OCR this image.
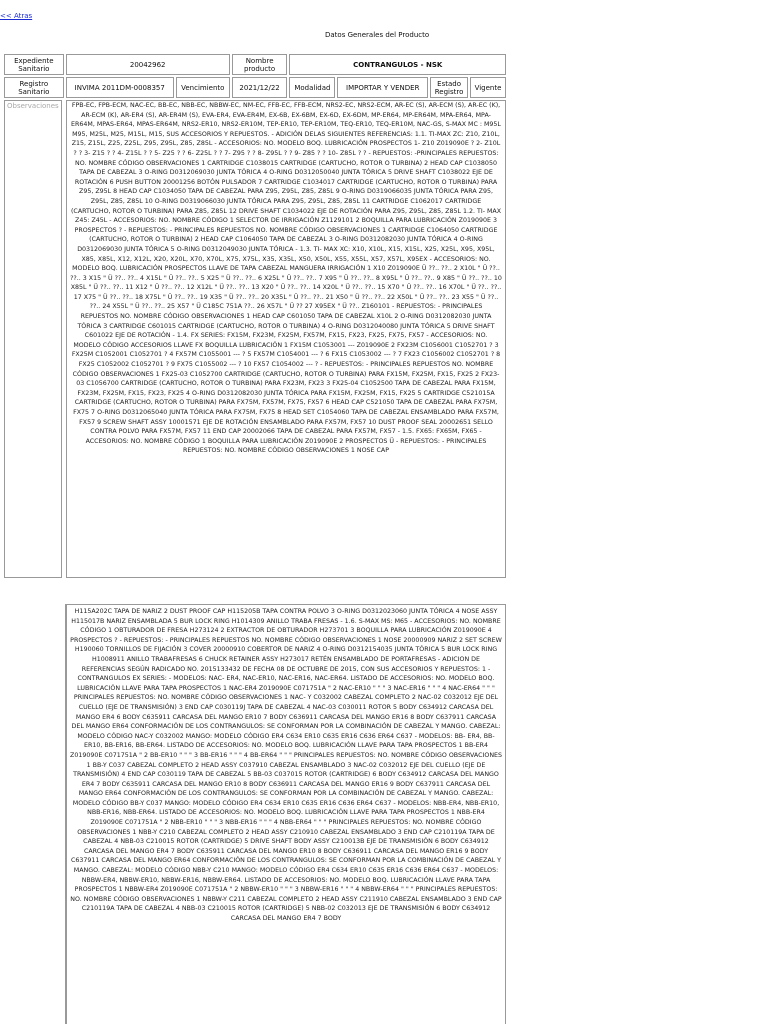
<< Atras
Datos Generales del Producto
Expediente Sanitario	20042962		Nombre producto	CONTRANGULOS - NSK			
Registro Sanitario	INVIMA 2011DM-0008357	Vencimiento	2021/12/22	Modalidad	IMPORTAR Y VENDER	Estado Registro	Vigente
Observaciones	FPB-EC, FPB-ECM, NAC-EC, BB-EC, NBB-EC, NBBW-EC, NM-EC, FFB-EC, FFB-ECM, NRS2-EC, NRS2-ECM, AR-EC (S), AR-ECM (S), AR-EC (K), AR-ECM (K), AR-ER4 (S), AR-ER4M (S), EVA-ER4, EVA-ER4M, EX-6B, EX-6BM, EX-6D, EX-6DM, MP-ER64, MP-ER64M, MPA-ER64, MPA-ER64M, MPAS-ER64, MPAS-ER64M, NRS2-ER10, NRS2-ER10M, TEP-ER10, TEP-ER10M, TEQ-ER10, TEQ-ER10M, NAC-GS, S-MAX MC : M95L M95, M25L, M25, M15L, M15, SUS ACCESORIOS Y REPUESTOS. - ADICIÓN DELAS SIGUIENTES REFERENCIAS: 1.1. TI-MAX ZC: Z10, Z10L, Z15, Z15L, Z25, Z25L, Z95, Z95L, Z85, Z85L - ACCESORIOS: NO. MODELO BOQ. LUBRICACIÓN PROSPECTOS 1- Z10 Z019090E ? 2- Z10L ? ? 3- Z15 ? ? 4- Z15L ? ? 5- Z25 ? ? 6- Z25L ? ? 7- Z95 ? ? 8- Z95L ? ? 9- Z85 ? ? 10- Z85L ? ? - REPUESTOS: -PRINCIPALES REPUESTOS: NO. NOMBRE CÓDIGO OBSERVACIONES 1 CARTRIDGE C1038015 CARTRIDGE (CARTUCHO, ROTOR O TURBINA) 2 HEAD CAP C1038050 TAPA DE CABEZAL 3 O-RING D0312069030 JUNTA TÓRICA 4 O-RING D0312050040 JUNTA TÓRICA 5 DRIVE SHAFT C1038022 EJE DE ROTACIÓN 6 PUSH BUTTON 20001256 BOTÓN PULSADOR 7 CARTRIDGE C1034017 CARTRIDGE (CARTUCHO, ROTOR O TURBINA) PARA Z95, Z95L 8 HEAD CAP C1034050 TAPA DE CABEZAL PARA Z95, Z95L, Z85, Z85L 9 O-RING D0319066035 JUNTA TÓRICA PARA Z95, Z95L, Z85, Z85L 10 O-RING D0319066030 JUNTA TÓRICA PARA Z95, Z95L, Z85, Z85L 11 CARTRIDGE C1062017 CARTRIDGE (CARTUCHO, ROTOR O TURBINA) PARA Z85, Z85L 12 DRIVE SHAFT C1034022 EJE DE ROTACIÓN PARA Z95, Z95L, Z85, Z85L 1.2. TI- MAX Z45: Z45L - ACCESORIOS: NO. NOMBRE CÓDIGO 1 SELECTOR DE IRRIGACIÓN Z1129101 2 BOQUILLA PARA LUBRICACIÓN Z019090E 3 PROSPECTOS ? - REPUESTOS: - PRINCIPALES REPUESTOS NO. NOMBRE CÓDIGO OBSERVACIONES 1 CARTRIDGE C1064050 CARTRIDGE (CARTUCHO, ROTOR O TURBINA) 2 HEAD CAP C1064050 TAPA DE CABEZAL 3 O-RING D0312082030 JUNTA TÓRICA 4 O-RING D0312069030 JUNTA TÓRICA 5 O-RING D0312049030 JUNTA TÓRICA - 1.3. TI- MAX XC: X10, X10L, X15, X15L, X25, X25L, X95, X95L, X85, X85L, X12, X12L, X20, X20L, X70, X70L, X75, X75L, X35, X35L, X50, X50L, X55, X55L, X57, X57L, X95EX - ACCESORIOS: NO. MODELO BOQ. LUBRICACIÓN PROSPECTOS LLAVE DE TAPA CABEZAL MANGUERA IRRIGACIÓN 1 X10 Z019090E Ü ??.. ??.. 2 X10L " Ü ??.. ??.. 3 X15 " Ü ??.. ??.. 4 X15L " Ü ??.. ??.. 5 X25 " Ü ??.. ??.. 6 X25L " Ü ??.. ??.. 7 X95 " Ü ??.. ??.. 8 X95L " Ü ??.. ??.. 9 X85 " Ü ??.. ??.. 10 X85L " Ü ??.. ??.. 11 X12 " Ü ??.. ??.. 12 X12L " Ü ??.. ??.. 13 X20 " Ü ??.. ??.. 14 X20L " Ü ??.. ??.. 15 X70 " Ü ??.. ??.. 16 X70L " Ü ??.. ??.. 17 X75 " Ü ??.. ??.. 18 X75L " Ü ??.. ??.. 19 X35 " Ü ??.. ??.. 20 X35L " Ü ??.. ??.. 21 X50 " Ü ??.. ??.. 22 X50L " Ü ??.. ??.. 23 X55 " Ü ??.. ??.. 24 X55L " Ü ??.. ??.. 25 X57 " Ü C185C 751A ??.. 26 X57L " Ü ?? 27 X95EX " Ü ??.. Z160101 - REPUESTOS: - PRINCIPALES REPUESTOS NO. NOMBRE CÓDIGO OBSERVACIONES 1 HEAD CAP C601050 TAPA DE CABEZAL X10L 2 O-RING D0312082030 JUNTA TÓRICA 3 CARTRIDGE C601015 CARTRIDGE (CARTUCHO, ROTOR O TURBINA) 4 O-RING D0312040080 JUNTA TÓRICA 5 DRIVE SHAFT C601022 EJE DE ROTACIÓN - 1.4. FX SERIES: FX15M, FX23M, FX25M, FX57M, FX15, FX23, FX25, FX75, FX57 - ACCESORIOS: NO. MODELO CÓDIGO ACCESORIOS LLAVE FX BOQUILLA LUBRICACIÓN 1 FX15M C1053001 --- Z019090E 2 FX23M C1056001 C1052701 ? 3 FX25M C1052001 C1052701 ? 4 FX57M C1055001 --- ? 5 FX57M C1054001 --- ? 6 FX15 C1053002 --- ? 7 FX23 C1056002 C1052701 ? 8 FX25 C1052002 C1052701 ? 9 FX75 C1055002 --- ? 10 FX57 C1054002 --- ? - REPUESTOS: - PRINCIPALES REPUESTOS NO. NOMBRE CÓDIGO OBSERVACIONES 1 FX25-03 C1052700 CARTRIDGE (CARTUCHO, ROTOR O TURBINA) PARA FX15M, FX25M, FX15, FX25 2 FX23-03 C1056700 CARTRIDGE (CARTUCHO, ROTOR O TURBINA) PARA FX23M, FX23 3 FX25-04 C1052500 TAPA DE CABEZAL PARA FX15M, FX23M, FX25M, FX15, FX23, FX25 4 O-RING D0312082030 JUNTA TÓRICA PARA FX15M, FX25M, FX15, FX25 5 CARTRIDGE C521015A CARTRIDGE (CARTUCHO, ROTOR O TURBINA) PARA FX75M, FX57M, FX75, FX57 6 HEAD CAP C521050 TAPA DE CABEZAL PARA FX75M, FX75 7 O-RING D0312065040 JUNTA TÓRICA PARA FX75M, FX75 8 HEAD SET C1054060 TAPA DE CABEZAL ENSAMBLADO PARA FX57M, FX57 9 SCREW SHAFT ASSY 10001571 EJE DE ROTACIÓN ENSAMBLADO PARA FX57M, FX57 10 DUST PROOF SEAL 20002651 SELLO CONTRA POLVO PARA FX57M, FX57 11 END CAP 20002066 TAPA DE CABEZAL PARA FX57M, FX57 - 1.5. FX65: FX65M, FX65 - ACCESORIOS: NO. NOMBRE CÓDIGO 1 BOQUILLA PARA LUBRICACIÓN Z019090E 2 PROSPECTOS Ü - REPUESTOS: - PRINCIPALES REPUESTOS: NO. NOMBRE CÓDIGO OBSERVACIONES 1 NOSE CAP
H115A202C TAPA DE NARIZ 2 DUST PROOF CAP H115205B TAPA CONTRA POLVO 3 O-RING D0312023060 JUNTA TÓRICA 4 NOSE ASSY H115017B NARIZ ENSAMBLADA 5 BUR LOCK RING H1014309 ANILLO TRABA FRESAS - 1.6. S-MAX MS: M65 - ACCESORIOS: NO. NOMBRE CÓDIGO 1 OBTURADOR DE FRESA H273124 2 EXTRACTOR DE OBTURADOR H273701 3 BOQUILLA PARA LUBRICACIÓN Z019090E 4 PROSPECTOS ? - REPUESTOS: - PRINCIPALES REPUESTOS NO. NOMBRE CÓDIGO OBSERVACIONES 1 NOSE 20000909 NARIZ 2 SET SCREW H190060 TORNILLOS DE FIJACIÓN 3 COVER 20000910 COBERTOR DE NARIZ 4 O-RING D0312154035 JUNTA TÓRICA 5 BUR LOCK RING H1008911 ANILLO TRABAFRESAS 6 CHUCK RETAINER ASSY H273017 RETÉN ENSAMBLADO DE PORTAFRESAS - ADICION DE REFERENCIAS SEGÚN RADICADO NO. 2015133432 DE FECHA 08 DE OCTUBRE DE 2015, CON SUS ACCESORIOS Y REPUESTOS: 1 - CONTRANGULOS EX SERIES: - MODELOS: NAC- ER4, NAC-ER10, NAC-ER16, NAC-ER64. LISTADO DE ACCESORIOS: NO. MODELO BOQ. LUBRICACIÓN LLAVE PARA TAPA PROSPECTOS 1 NAC-ER4 Z019090E C071751A " 2 NAC-ER10 " " " 3 NAC-ER16 " " " 4 NAC-ER64 " " " PRINCIPALES REPUESTOS: NO. NOMBRE CÓDIGO OBSERVACIONES 1 NAC- Y C032002 CABEZAL COMPLETO 2 NAC-02 C032012 EJE DEL CUELLO (EJE DE TRANSMISIÓN) 3 END CAP C030119J TAPA DE CABEZAL 4 NAC-03 C030011 ROTOR 5 BODY C634912 CARCASA DEL MANGO ER4 6 BODY C635911 CARCASA DEL MANGO ER10 7 BODY C636911 CARCASA DEL MANGO ER16 8 BODY C637911 CARCASA DEL MANGO ER64 CONFORMACIÓN DE LOS CONTRANGULOS: SE CONFORMAN POR LA COMBINACIÓN DE CABEZAL Y MANGO. CABEZAL: MODELO CÓDIGO NAC-Y C032002 MANGO: MODELO CÓDIGO ER4 C634 ER10 C635 ER16 C636 ER64 C637 - MODELOS: BB- ER4, BB-ER10, BB-ER16, BB-ER64. LISTADO DE ACCESORIOS: NO. MODELO BOQ. LUBRICACIÓN LLAVE PARA TAPA PROSPECTOS 1 BB-ER4 Z019090E C071751A " 2 BB-ER10 " " " 3 BB-ER16 " " " 4 BB-ER64 " " " PRINCIPALES REPUESTOS: NO. NOMBRE CÓDIGO OBSERVACIONES 1 BB-Y C037 CABEZAL COMPLETO 2 HEAD ASSY C037910 CABEZAL ENSAMBLADO 3 NAC-02 C032012 EJE DEL CUELLO (EJE DE TRANSMISIÓN) 4 END CAP C030119 TAPA DE CABEZAL 5 BB-03 C037015 ROTOR (CARTRIDGE) 6 BODY C634912 CARCASA DEL MANGO ER4 7 BODY C635911 CARCASA DEL MANGO ER10 8 BODY C636911 CARCASA DEL MANGO ER16 9 BODY C637911 CARCASA DEL MANGO ER64 CONFORMACIÓN DE LOS CONTRANGULOS: SE CONFORMAN POR LA COMBINACIÓN DE CABEZAL Y MANGO. CABEZAL: MODELO CÓDIGO BB-Y C037 MANGO: MODELO CÓDIGO ER4 C634 ER10 C635 ER16 C636 ER64 C637 - MODELOS: NBB-ER4, NBB-ER10, NBB-ER16, NBB-ER64. LISTADO DE ACCESORIOS: NO. MODELO BOQ. LUBRICACIÓN LLAVE PARA TAPA PROSPECTOS 1 NBB-ER4 Z019090E C071751A " 2 NBB-ER10 " " " 3 NBB-ER16 " " " 4 NBB-ER64 " " " PRINCIPALES REPUESTOS: NO. NOMBRE CÓDIGO OBSERVACIONES 1 NBB-Y C210 CABEZAL COMPLETO 2 HEAD ASSY C210910 CABEZAL ENSAMBLADO 3 END CAP C210119A TAPA DE CABEZAL 4 NBB-03 C210015 ROTOR (CARTRIDGE) 5 DRIVE SHAFT BODY ASSY C210013B EJE DE TRANSMISIÓN 6 BODY C634912 CARCASA DEL MANGO ER4 7 BODY C635911 CARCASA DEL MANGO ER10 8 BODY C636911 CARCASA DEL MANGO ER16 9 BODY C637911 CARCASA DEL MANGO ER64 CONFORMACIÓN DE LOS CONTRANGULOS: SE CONFORMAN POR LA COMBINACIÓN DE CABEZAL Y MANGO. CABEZAL: MODELO CÓDIGO NBB-Y C210 MANGO: MODELO CÓDIGO ER4 C634 ER10 C635 ER16 C636 ER64 C637 - MODELOS: NBBW-ER4, NBBW-ER10, NBBW-ER16, NBBW-ER64. LISTADO DE ACCESORIOS: NO. MODELO BOQ. LUBRICACIÓN LLAVE PARA TAPA PROSPECTOS 1 NBBW-ER4 Z019090E C071751A " 2 NBBW-ER10 " " " 3 NBBW-ER16 " " " 4 NBBW-ER64 " " " PRINCIPALES REPUESTOS: NO. NOMBRE CÓDIGO OBSERVACIONES 1 NBBW-Y C211 CABEZAL COMPLETO 2 HEAD ASSY C211910 CABEZAL ENSAMBLADO 3 END CAP C210119A TAPA DE CABEZAL 4 NBB-03 C210015 ROTOR (CARTRIDGE) 5 NBB-02 C032013 EJE DE TRANSMISIÓN 6 BODY C634912 CARCASA DEL MANGO ER4 7 BODY
